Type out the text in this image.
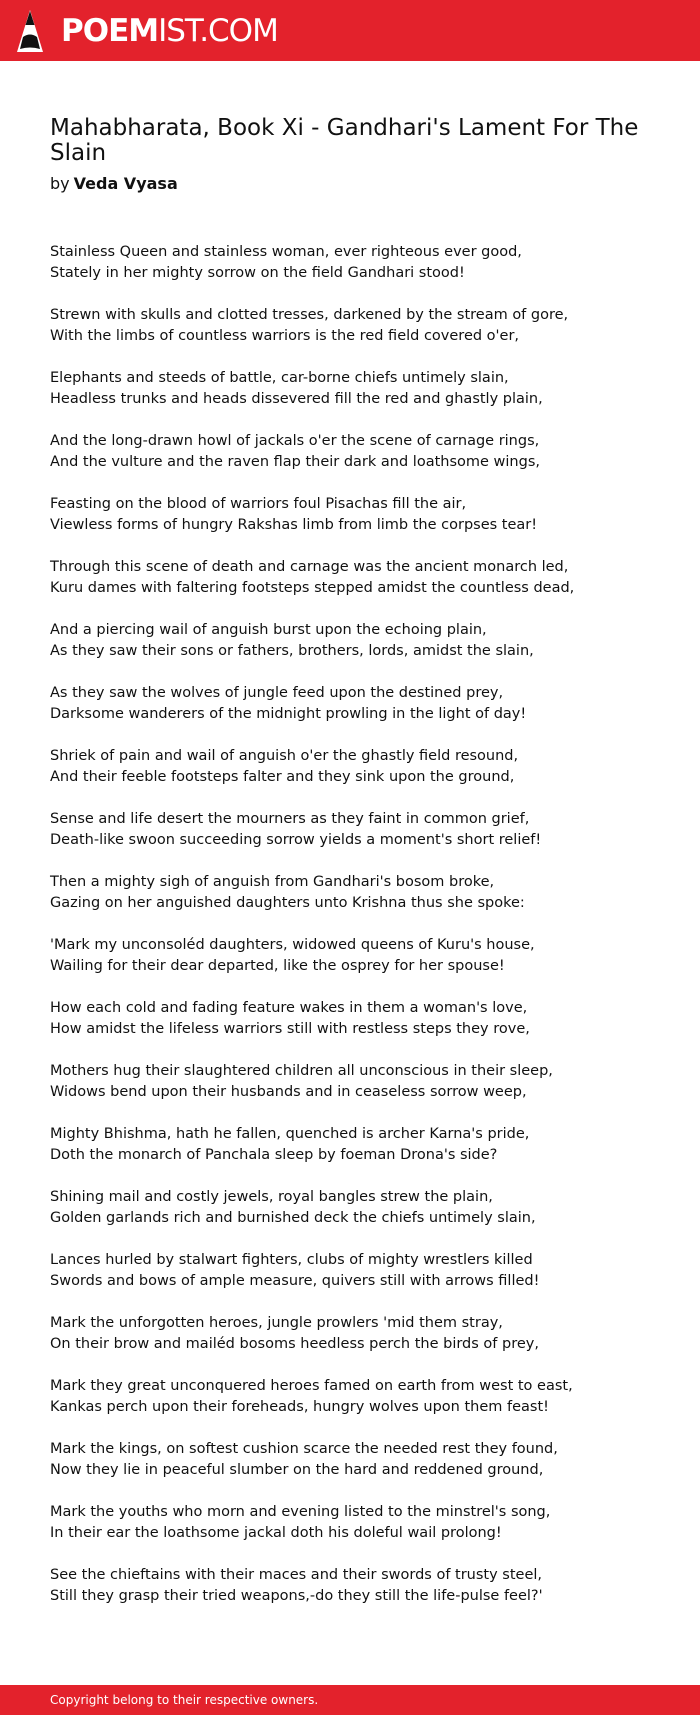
POEMIST.COM
Mahabharata, Book Xi - Gandhari's Lament For The Slain
by Veda Vyasa
Stainless Queen and stainless woman, ever righteous ever good,
Stately in her mighty sorrow on the field Gandhari stood!
Strewn with skulls and clotted tresses, darkened by the stream of gore,
With the limbs of countless warriors is the red field covered o'er,
Elephants and steeds of battle, car-borne chiefs untimely slain,
Headless trunks and heads dissevered fill the red and ghastly plain,
And the long-drawn howl of jackals o'er the scene of carnage rings,
And the vulture and the raven flap their dark and loathsome wings,
Feasting on the blood of warriors foul Pisachas fill the air,
Viewless forms of hungry Rakshas limb from limb the corpses tear!
Through this scene of death and carnage was the ancient monarch led,
Kuru dames with faltering footsteps stepped amidst the countless dead,
And a piercing wail of anguish burst upon the echoing plain,
As they saw their sons or fathers, brothers, lords, amidst the slain,
As they saw the wolves of jungle feed upon the destined prey,
Darksome wanderers of the midnight prowling in the light of day!
Shriek of pain and wail of anguish o'er the ghastly field resound,
And their feeble footsteps falter and they sink upon the ground,
Sense and life desert the mourners as they faint in common grief,
Death-like swoon succeeding sorrow yields a moment's short relief!
Then a mighty sigh of anguish from Gandhari's bosom broke,
Gazing on her anguished daughters unto Krishna thus she spoke:
'Mark my unconsoléd daughters, widowed queens of Kuru's house,
Wailing for their dear departed, like the osprey for her spouse!
How each cold and fading feature wakes in them a woman's love,
How amidst the lifeless warriors still with restless steps they rove,
Mothers hug their slaughtered children all unconscious in their sleep,
Widows bend upon their husbands and in ceaseless sorrow weep,
Mighty Bhishma, hath he fallen, quenched is archer Karna's pride,
Doth the monarch of Panchala sleep by foeman Drona's side?
Shining mail and costly jewels, royal bangles strew the plain,
Golden garlands rich and burnished deck the chiefs untimely slain,
Lances hurled by stalwart fighters, clubs of mighty wrestlers killed
Swords and bows of ample measure, quivers still with arrows filled!
Mark the unforgotten heroes, jungle prowlers 'mid them stray,
On their brow and mailéd bosoms heedless perch the birds of prey,
Mark they great unconquered heroes famed on earth from west to east,
Kankas perch upon their foreheads, hungry wolves upon them feast!
Mark the kings, on softest cushion scarce the needed rest they found,
Now they lie in peaceful slumber on the hard and reddened ground,
Mark the youths who morn and evening listed to the minstrel's song,
In their ear the loathsome jackal doth his doleful wail prolong!
See the chieftains with their maces and their swords of trusty steel,
Still they grasp their tried weapons,-do they still the life-pulse feel?'
Copyright belong to their respective owners.
